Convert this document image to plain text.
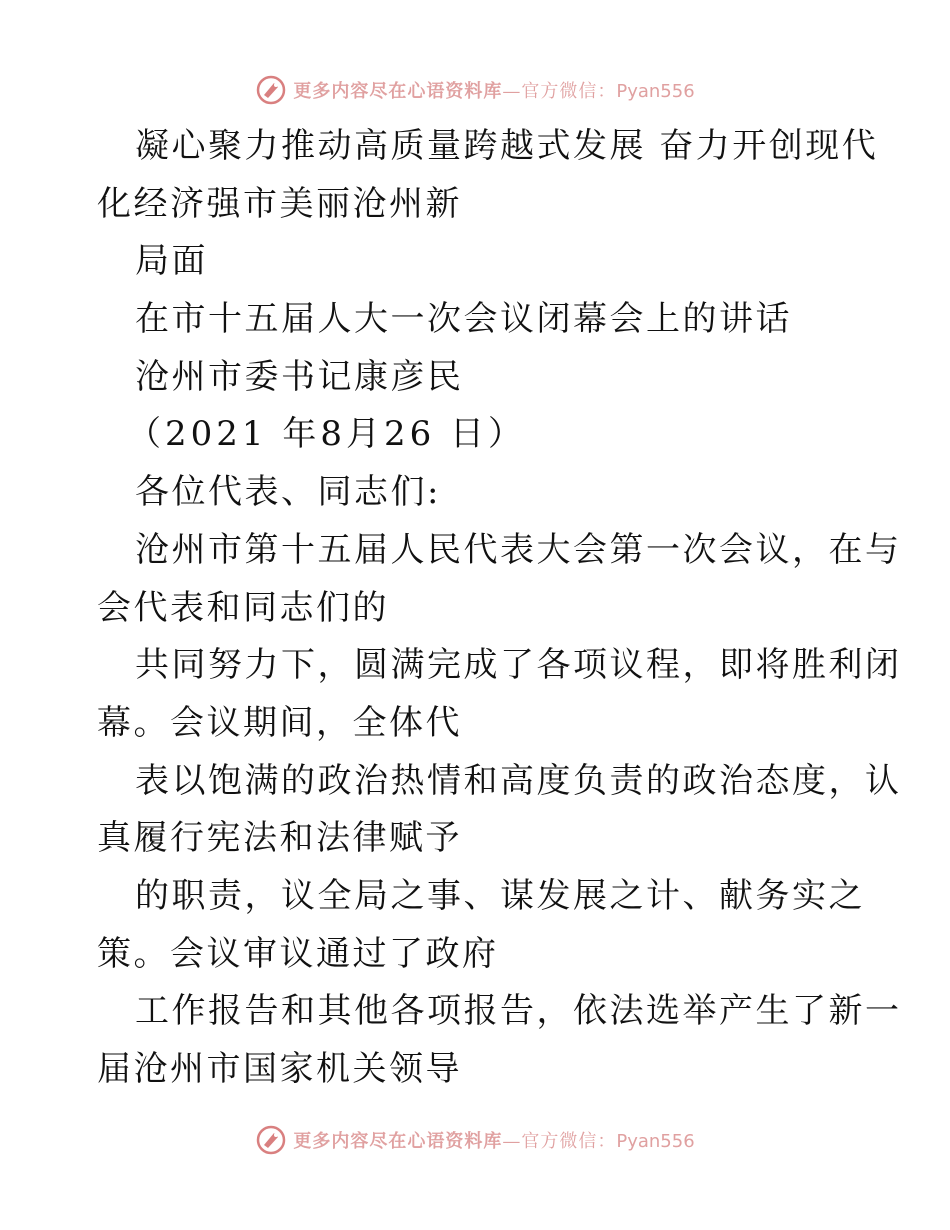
更多内容尽在心语资料库—官方微信：Pyan556
凝心聚力推动高质量跨越式发展 奋力开创现代
化经济强市美丽沧州新
局面
在市十五届人大一次会议闭幕会上的讲话
沧州市委书记康彦民
（2021 年8月26 日）
各位代表、同志们:
沧州市第十五届人民代表大会第一次会议，在与
会代表和同志们的
共同努力下，圆满完成了各项议程，即将胜利闭
幕。会议期间，全体代
表以饱满的政治热情和高度负责的政治态度，认
真履行宪法和法律赋予
的职责，议全局之事、谋发展之计、献务实之
策。会议审议通过了政府
工作报告和其他各项报告，依法选举产生了新一
届沧州市国家机关领导
更多内容尽在心语资料库—官方微信：Pyan556
